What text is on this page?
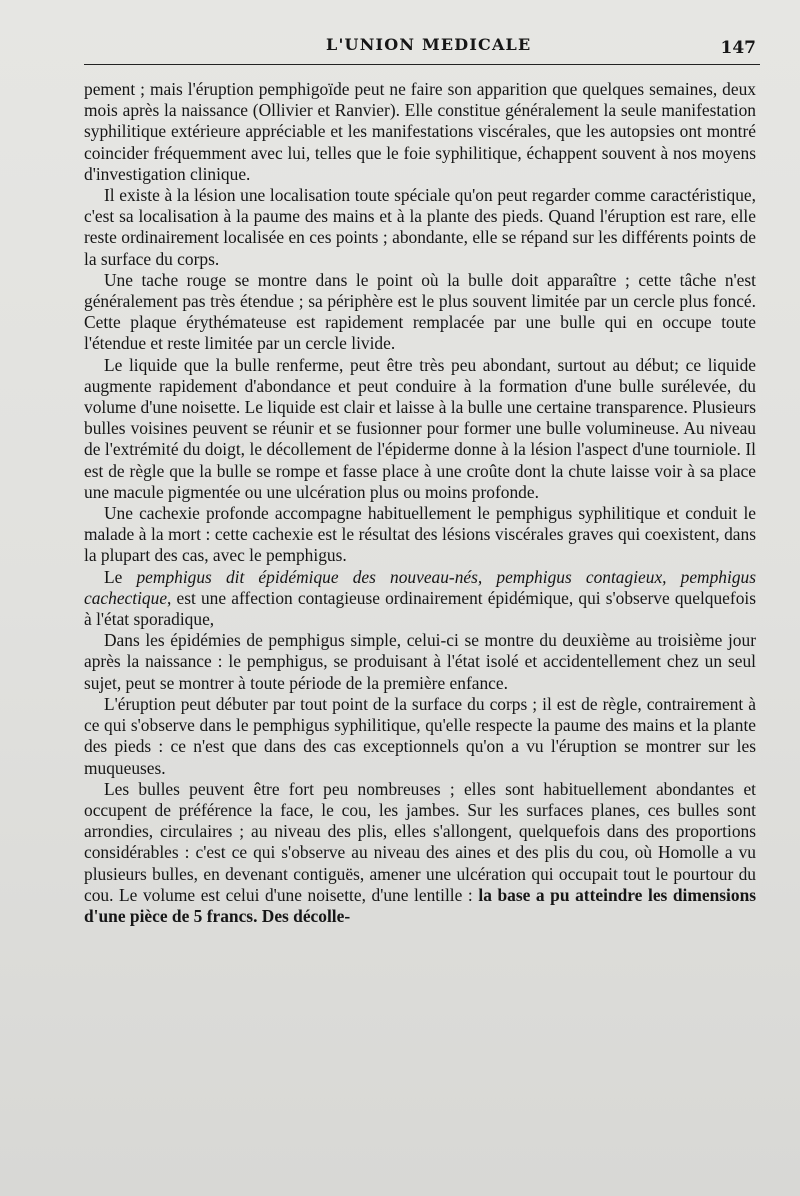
L'UNION MEDICALE	147

pement ; mais l'éruption pemphigoïde peut ne faire son apparition que quelques semaines, deux mois après la naissance (Ollivier et Ranvier). Elle constitue généralement la seule manifestation syphilitique extérieure appréciable et les manifestations viscérales, que les autopsies ont montré coincider fréquemment avec lui, telles que le foie syphilitique, échappent souvent à nos moyens d'investigation clinique.

Il existe à la lésion une localisation toute spéciale qu'on peut regarder comme caractéristique, c'est sa localisation à la paume des mains et à la plante des pieds. Quand l'éruption est rare, elle reste ordinairement localisée en ces points ; abondante, elle se répand sur les différents points de la surface du corps.

Une tache rouge se montre dans le point où la bulle doit apparaître ; cette tâche n'est généralement pas très étendue ; sa périphère est le plus souvent limitée par un cercle plus foncé. Cette plaque érythémateuse est rapidement remplacée par une bulle qui en occupe toute l'étendue et reste limitée par un cercle livide.

Le liquide que la bulle renferme, peut être très peu abondant, surtout au début; ce liquide augmente rapidement d'abondance et peut conduire à la formation d'une bulle surélevée, du volume d'une noisette. Le liquide est clair et laisse à la bulle une certaine transparence. Plusieurs bulles voisines peuvent se réunir et se fusionner pour former une bulle volumineuse. Au niveau de l'extrémité du doigt, le décollement de l'épiderme donne à la lésion l'aspect d'une tourniole. Il est de règle que la bulle se rompe et fasse place à une croûte dont la chute laisse voir à sa place une macule pigmentée ou une ulcération plus ou moins profonde.

Une cachexie profonde accompagne habituellement le pemphigus syphilitique et conduit le malade à la mort : cette cachexie est le résultat des lésions viscérales graves qui coexistent, dans la plupart des cas, avec le pemphigus.

Le pemphigus dit épidémique des nouveau-nés, pemphigus contagieux, pemphigus cachectique, est une affection contagieuse ordinairement épidémique, qui s'observe quelquefois à l'état sporadique,

Dans les épidémies de pemphigus simple, celui-ci se montre du deuxième au troisième jour après la naissance : le pemphigus, se produisant à l'état isolé et accidentellement chez un seul sujet, peut se montrer à toute période de la première enfance.

L'éruption peut débuter par tout point de la surface du corps ; il est de règle, contrairement à ce qui s'observe dans le pemphigus syphilitique, qu'elle respecte la paume des mains et la plante des pieds : ce n'est que dans des cas exceptionnels qu'on a vu l'éruption se montrer sur les muqueuses.

Les bulles peuvent être fort peu nombreuses ; elles sont habituellement abondantes et occupent de préférence la face, le cou, les jambes. Sur les surfaces planes, ces bulles sont arrondies, circulaires ; au niveau des plis, elles s'allongent, quelquefois dans des proportions considérables : c'est ce qui s'observe au niveau des aines et des plis du cou, où Homolle a vu plusieurs bulles, en devenant contiguës, amener une ulcération qui occupait tout le pourtour du cou. Le volume est celui d'une noisette, d'une lentille : la base a pu atteindre les dimensions d'une pièce de 5 francs. Des décolle-
